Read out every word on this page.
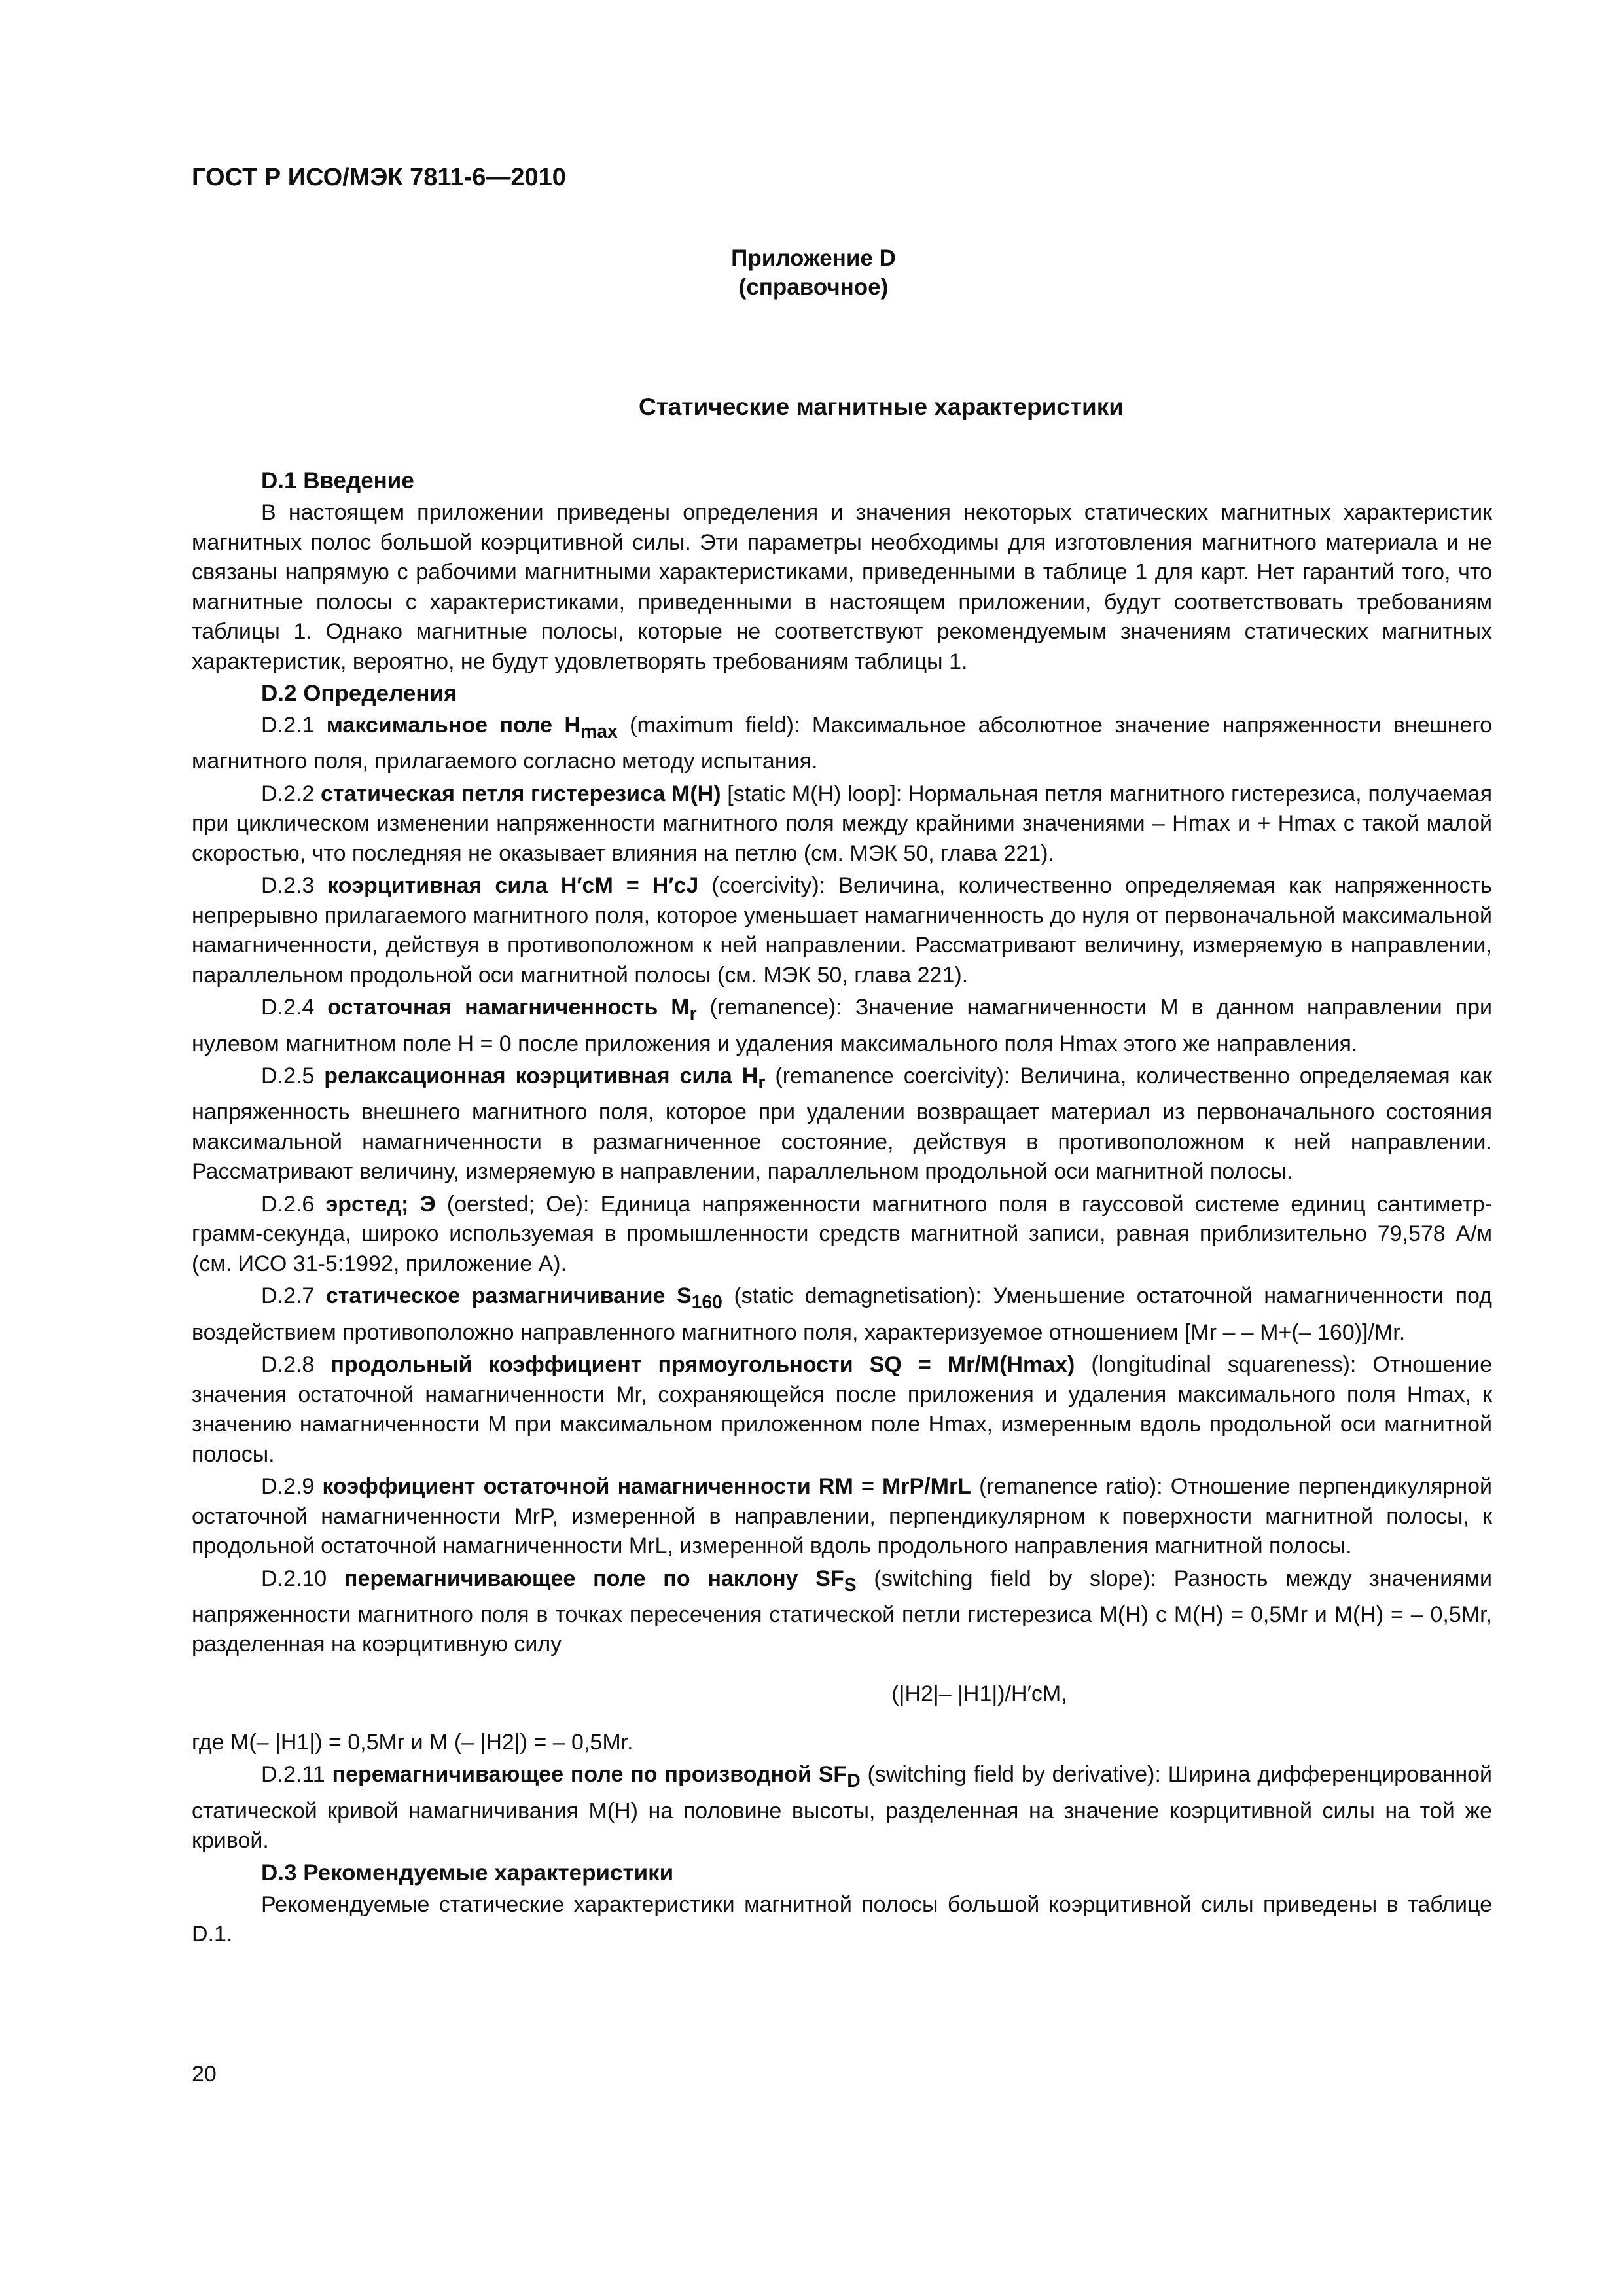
ГОСТ Р ИСО/МЭК 7811-6—2010
Приложение D
(справочное)
Статические магнитные характеристики
D.1 Введение

В настоящем приложении приведены определения и значения некоторых статических магнитных характеристик магнитных полос большой коэрцитивной силы. Эти параметры необходимы для изготовления магнитного материала и не связаны напрямую с рабочими магнитными характеристиками, приведенными в таблице 1 для карт. Нет гарантий того, что магнитные полосы с характеристиками, приведенными в настоящем приложении, будут соответствовать требованиям таблицы 1. Однако магнитные полосы, которые не соответствуют рекомендуемым значениям статических магнитных характеристик, вероятно, не будут удовлетворять требованиям таблицы 1.

D.2 Определения

D.2.1 максимальное поле $H_{max}$ (maximum field): Максимальное абсолютное значение напряженности внешнего магнитного поля, прилагаемого согласно методу испытания.

D.2.2 статическая петля гистерезиса M(H) [static M(H) loop]: Нормальная петля магнитного гистерезиса, получаемая при циклическом изменении напряженности магнитного поля между крайними значениями – Hmax и + Hmax с такой малой скоростью, что последняя не оказывает влияния на петлю (см. МЭК 50, глава 221).

D.2.3 коэрцитивная сила H′cM = H′cJ (coercivity): Величина, количественно определяемая как напряженность непрерывно прилагаемого магнитного поля, которое уменьшает намагниченность до нуля от первоначальной максимальной намагниченности, действуя в противоположном к ней направлении. Рассматривают величину, измеряемую в направлении, параллельном продольной оси магнитной полосы (см. МЭК 50, глава 221).

D.2.4 остаточная намагниченность $M_r$ (remanence): Значение намагниченности M в данном направлении при нулевом магнитном поле H = 0 после приложения и удаления максимального поля Hmax этого же направления.

D.2.5 релаксационная коэрцитивная сила $H_r$ (remanence coercivity): Величина, количественно определяемая как напряженность внешнего магнитного поля, которое при удалении возвращает материал из первоначального состояния максимальной намагниченности в размагниченное состояние, действуя в противоположном к ней направлении. Рассматривают величину, измеряемую в направлении, параллельном продольной оси магнитной полосы.

D.2.6 эрстед; Э (oersted; Oe): Единица напряженности магнитного поля в гауссовой системе единиц сантиметр-грамм-секунда, широко используемая в промышленности средств магнитной записи, равная приблизительно 79,578 А/м (см. ИСО 31-5:1992, приложение А).

D.2.7 статическое размагничивание $S_{160}$ (static demagnetisation): Уменьшение остаточной намагниченности под воздействием противоположно направленного магнитного поля, характеризуемое отношением [Mr – – M+(– 160)]/Mr.

D.2.8 продольный коэффициент прямоугольности SQ = Mr/M(Hmax) (longitudinal squareness): Отношение значения остаточной намагниченности Mr, сохраняющейся после приложения и удаления максимального поля Hmax, к значению намагниченности M при максимальном приложенном поле Hmax, измеренным вдоль продольной оси магнитной полосы.

D.2.9 коэффициент остаточной намагниченности RM = MrP/MrL (remanence ratio): Отношение перпендикулярной остаточной намагниченности MrP, измеренной в направлении, перпендикулярном к поверхности магнитной полосы, к продольной остаточной намагниченности MrL, измеренной вдоль продольного направления магнитной полосы.

D.2.10 перемагничивающее поле по наклону $SF_S$ (switching field by slope): Разность между значениями напряженности магнитного поля в точках пересечения статической петли гистерезиса M(H) с M(H) = 0,5Mr и M(H) = – 0,5Mr, разделенная на коэрцитивную силу

(|H2|– |H1|)/H′cM,

где M(– |H1|) = 0,5Mr и M (– |H2|) = – 0,5Mr.

D.2.11 перемагничивающее поле по производной $SF_D$ (switching field by derivative): Ширина дифференцированной статической кривой намагничивания M(H) на половине высоты, разделенная на значение коэрцитивной силы на той же кривой.

D.3 Рекомендуемые характеристики

Рекомендуемые статические характеристики магнитной полосы большой коэрцитивной силы приведены в таблице D.1.

20
